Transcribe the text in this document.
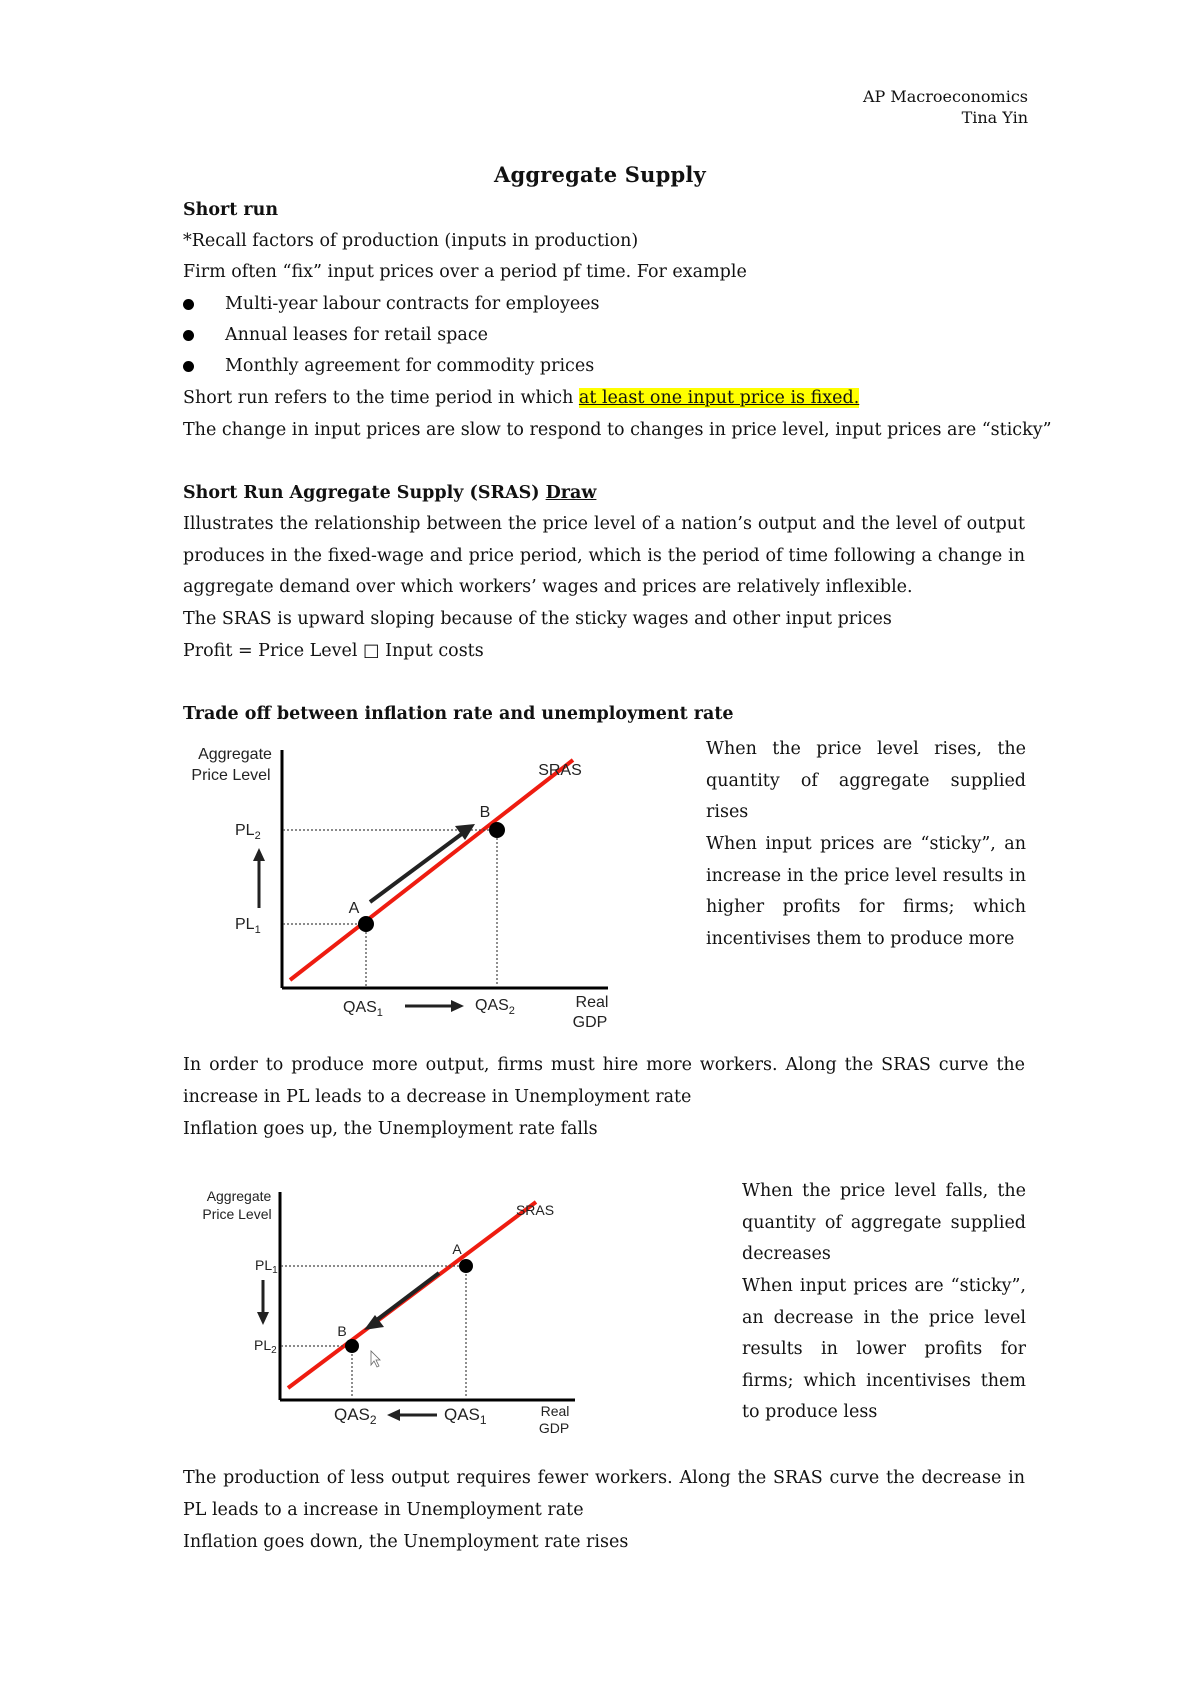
AP Macroeconomics
Tina Yin
Aggregate Supply
Short run
*Recall factors of production (inputs in production)
Firm often “fix” input prices over a period pf time. For example
Multi-year labour contracts for employees
Annual leases for retail space
Monthly agreement for commodity prices
Short run refers to the time period in which at least one input price is fixed.
The change in input prices are slow to respond to changes in price level, input prices are “sticky”
Short Run Aggregate Supply (SRAS) Draw
Illustrates the relationship between the price level of a nation’s output and the level of output produces in the fixed-wage and price period, which is the period of time following a change in aggregate demand over which workers’ wages and prices are relatively inflexible.
The SRAS is upward sloping because of the sticky wages and other input prices
Profit = Price Level □ Input costs
Trade off between inflation rate and unemployment rate
Aggregate
Price Level
Real
GDP
SRAS
B
A
$PL_2$
$PL_1$
$QAS_1$	$QAS_2$
When the price level rises, the quantity of aggregate supplied rises
When input prices are “sticky”, an increase in the price level results in higher profits for firms; which incentivises them to produce more
In order to produce more output, firms must hire more workers. Along the SRAS curve the increase in PL leads to a decrease in Unemployment rate
Inflation goes up, the Unemployment rate falls
Aggregate
Price Level
Real
GDP
SRAS
A
B
$PL_1$
$PL_2$
$QAS_2$	$QAS_1$
When the price level falls, the quantity of aggregate supplied decreases
When input prices are “sticky”, an decrease in the price level results in lower profits for firms; which incentivises them to produce less
The production of less output requires fewer workers. Along the SRAS curve the decrease in PL leads to a increase in Unemployment rate
Inflation goes down, the Unemployment rate rises
